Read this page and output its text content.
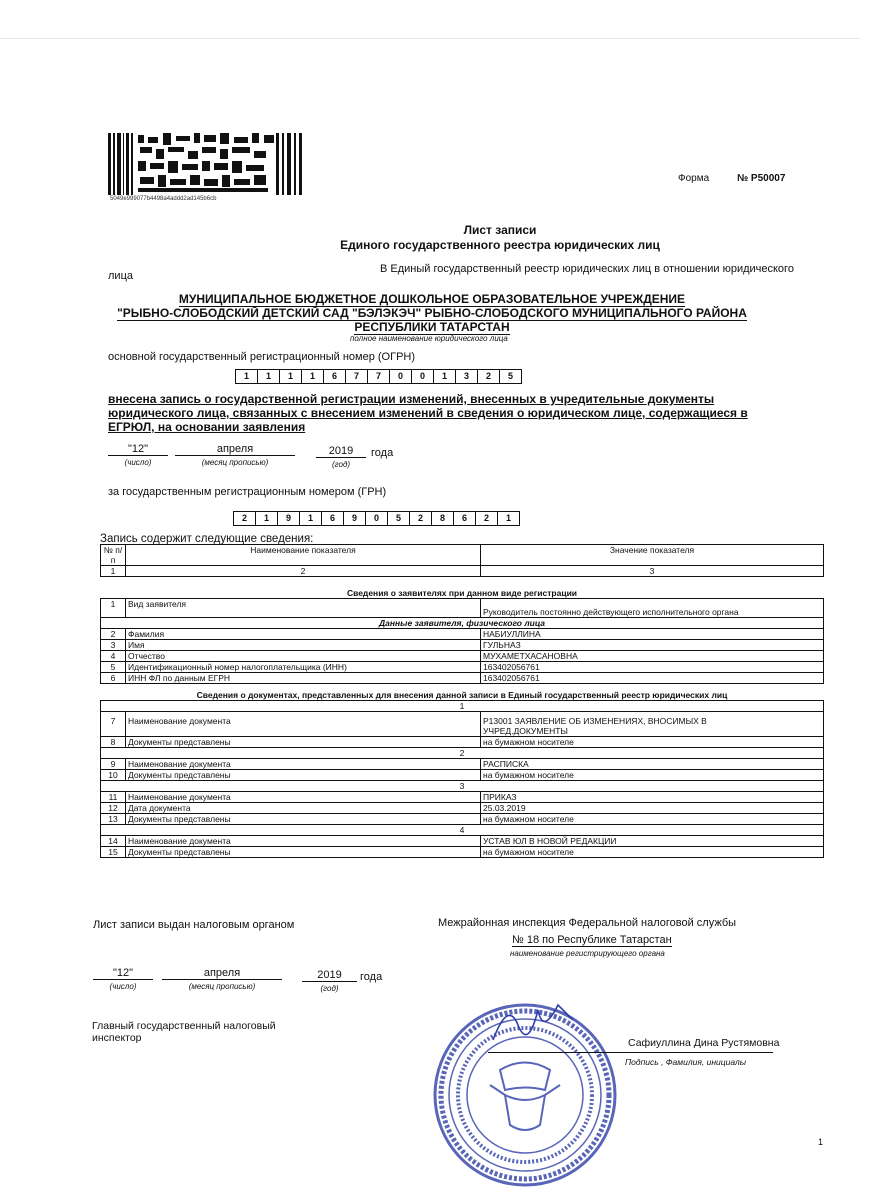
5049e999077b4498a4addd2ad145b6cb
Форма	№ Р50007
Лист записи
Единого государственного реестра юридических лиц
В Единый государственный реестр юридических лиц в отношении юридического
лица
МУНИЦИПАЛЬНОЕ БЮДЖЕТНОЕ ДОШКОЛЬНОЕ ОБРАЗОВАТЕЛЬНОЕ УЧРЕЖДЕНИЕ
"РЫБНО-СЛОБОДСКИЙ ДЕТСКИЙ САД "БЭЛЭКЭЧ" РЫБНО-СЛОБОДСКОГО МУНИЦИПАЛЬНОГО РАЙОНА
РЕСПУБЛИКИ ТАТАРСТАН
полное наименование юридического лица
основной государственный регистрационный номер (ОГРН)
1	1	1	1	6	7	7	0	0	1	3	2	5
внесена запись о государственной регистрации изменений, внесенных в учредительные документы
юридического лица, связанных с внесением изменений в сведения о юридическом лице, содержащиеся в
ЕГРЮЛ, на основании заявления
"12"	апреля	2019	года
(число)	(месяц прописью)	(год)
за государственным регистрационным номером (ГРН)
2	1	9	1	6	9	0	5	2	8	6	2	1
Запись содержит следующие сведения:
№ п/п	Наименование показателя	Значение показателя
1	2	3
Сведения о заявителях при данном виде регистрации		
1	Вид заявителя	Руководитель постоянно действующего исполнительного органа
Данные заявителя, физического лица		
2	Фамилия	НАБИУЛЛИНА
3	Имя	ГУЛЬНАЗ
4	Отчество	МУХАМЕТХАСАНОВНА
5	Идентификационный номер налогоплательщика (ИНН)	163402056761
6	ИНН ФЛ по данным ЕГРН	163402056761
Сведения о документах, представленных для внесения данной записи в Единый государственный реестр юридических лиц		
1		
7	Наименование документа	Р13001 ЗАЯВЛЕНИЕ ОБ ИЗМЕНЕНИЯХ, ВНОСИМЫХ В УЧРЕД.ДОКУМЕНТЫ
8	Документы представлены	на бумажном носителе
2		
9	Наименование документа	РАСПИСКА
10	Документы представлены	на бумажном носителе
3		
11	Наименование документа	ПРИКАЗ
12	Дата документа	25.03.2019
13	Документы представлены	на бумажном носителе
4		
14	Наименование документа	УСТАВ ЮЛ В НОВОЙ РЕДАКЦИИ
15	Документы представлены	на бумажном носителе
Лист записи выдан налоговым органом	Межрайонная инспекция Федеральной налоговой службы
№ 18 по Республике Татарстан
наименование регистрирующего органа
"12"	апреля	2019	года
(число)	(месяц прописью)	(год)
Главный государственный налоговый инспектор	Сафиуллина Дина Рустямовна
Подпись , Фамилия, инициалы
1
